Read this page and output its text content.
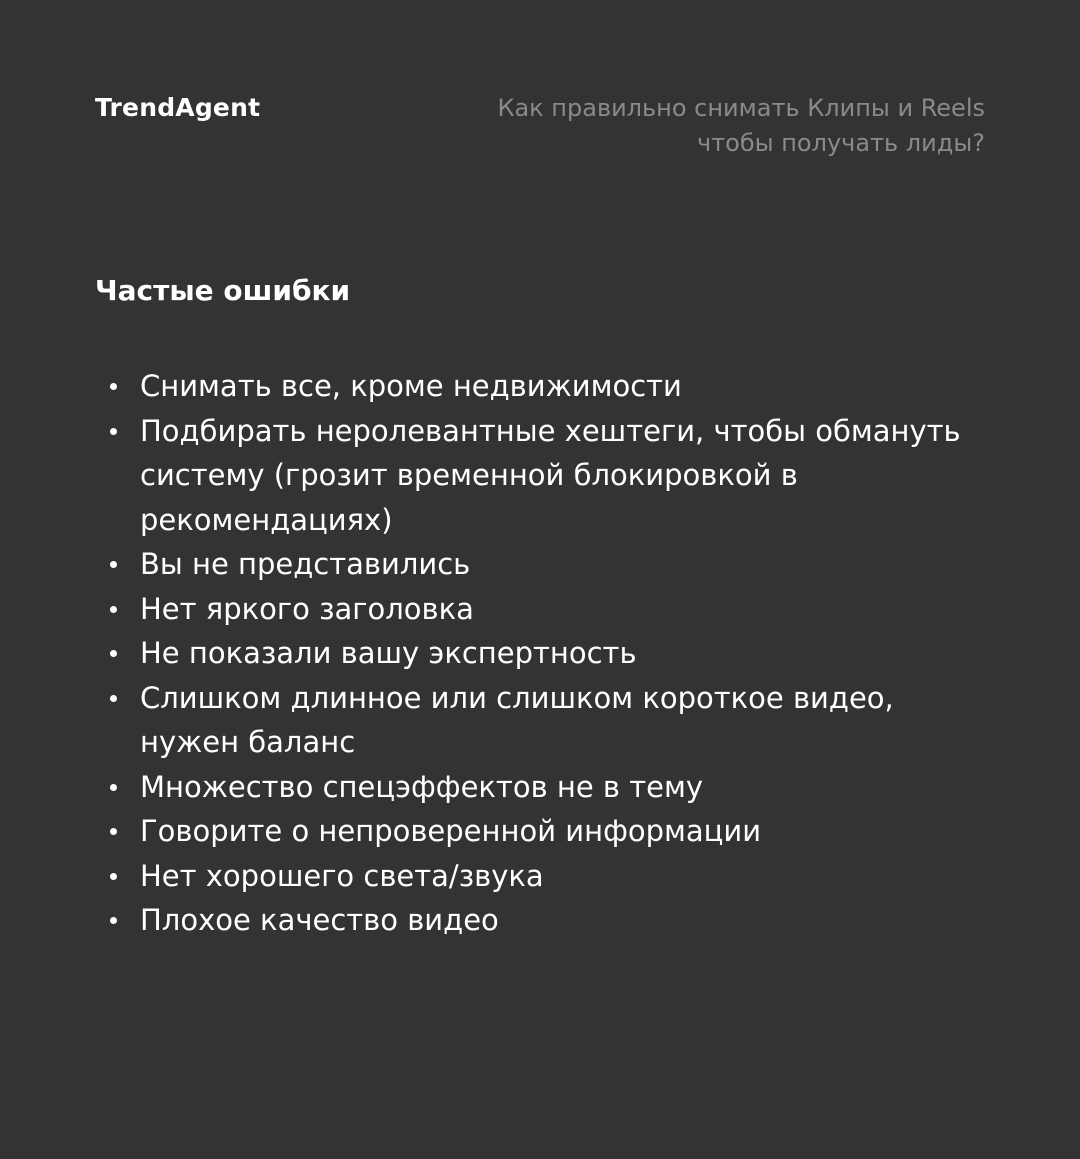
TrendAgent	Как правильно снимать Клипы и Reels
чтобы получать лиды?
Частые ошибки
Снимать все, кроме недвижимости
Подбирать неролевантные хештеги, чтобы обмануть систему (грозит временной блокировкой в рекомендациях)
Вы не представились
Нет яркого заголовка
Не показали вашу экспертность
Слишком длинное или слишком короткое видео, нужен баланс
Множество спецэффектов не в тему
Говорите о непроверенной информации
Нет хорошего света/звука
Плохое качество видео
